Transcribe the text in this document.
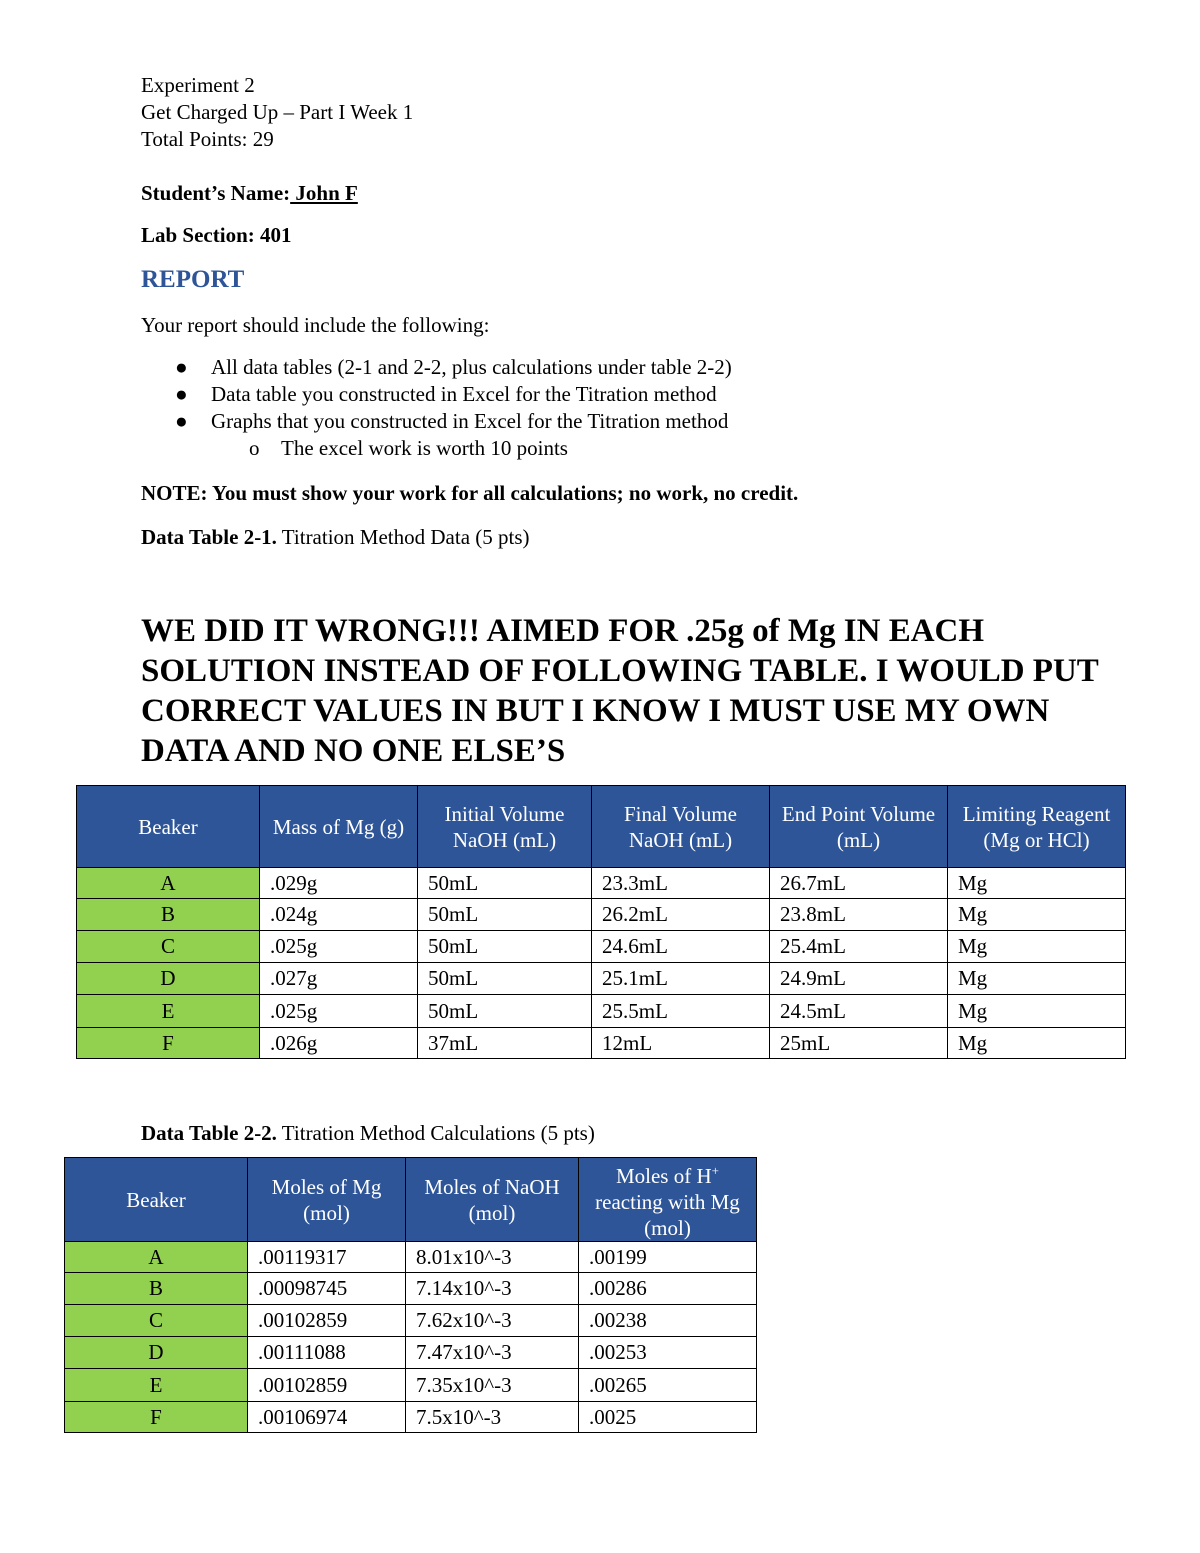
Experiment 2
Get Charged Up – Part I Week 1
Total Points: 29
Student’s Name: John F
Lab Section: 401
REPORT
Your report should include the following:
● All data tables (2-1 and 2-2, plus calculations under table 2-2)
● Data table you constructed in Excel for the Titration method
● Graphs that you constructed in Excel for the Titration method
o The excel work is worth 10 points
NOTE: You must show your work for all calculations; no work, no credit.
Data Table 2-1. Titration Method Data (5 pts)
WE DID IT WRONG!!! AIMED FOR .25g of Mg IN EACH SOLUTION INSTEAD OF FOLLOWING TABLE. I WOULD PUT CORRECT VALUES IN BUT I KNOW I MUST USE MY OWN DATA AND NO ONE ELSE’S
Beaker	Mass of Mg (g)	Initial Volume NaOH (mL)	Final Volume NaOH (mL)	End Point Volume (mL)	Limiting Reagent (Mg or HCl)
A	.029g	50mL	23.3mL	26.7mL	Mg
B	.024g	50mL	26.2mL	23.8mL	Mg
C	.025g	50mL	24.6mL	25.4mL	Mg
D	.027g	50mL	25.1mL	24.9mL	Mg
E	.025g	50mL	25.5mL	24.5mL	Mg
F	.026g	37mL	12mL	25mL	Mg
Data Table 2-2. Titration Method Calculations (5 pts)
Beaker	Moles of Mg (mol)	Moles of NaOH (mol)	Moles of H+ reacting with Mg (mol)
A	.00119317	8.01x10^-3	.00199
B	.00098745	7.14x10^-3	.00286
C	.00102859	7.62x10^-3	.00238
D	.00111088	7.47x10^-3	.00253
E	.00102859	7.35x10^-3	.00265
F	.00106974	7.5x10^-3	.0025
